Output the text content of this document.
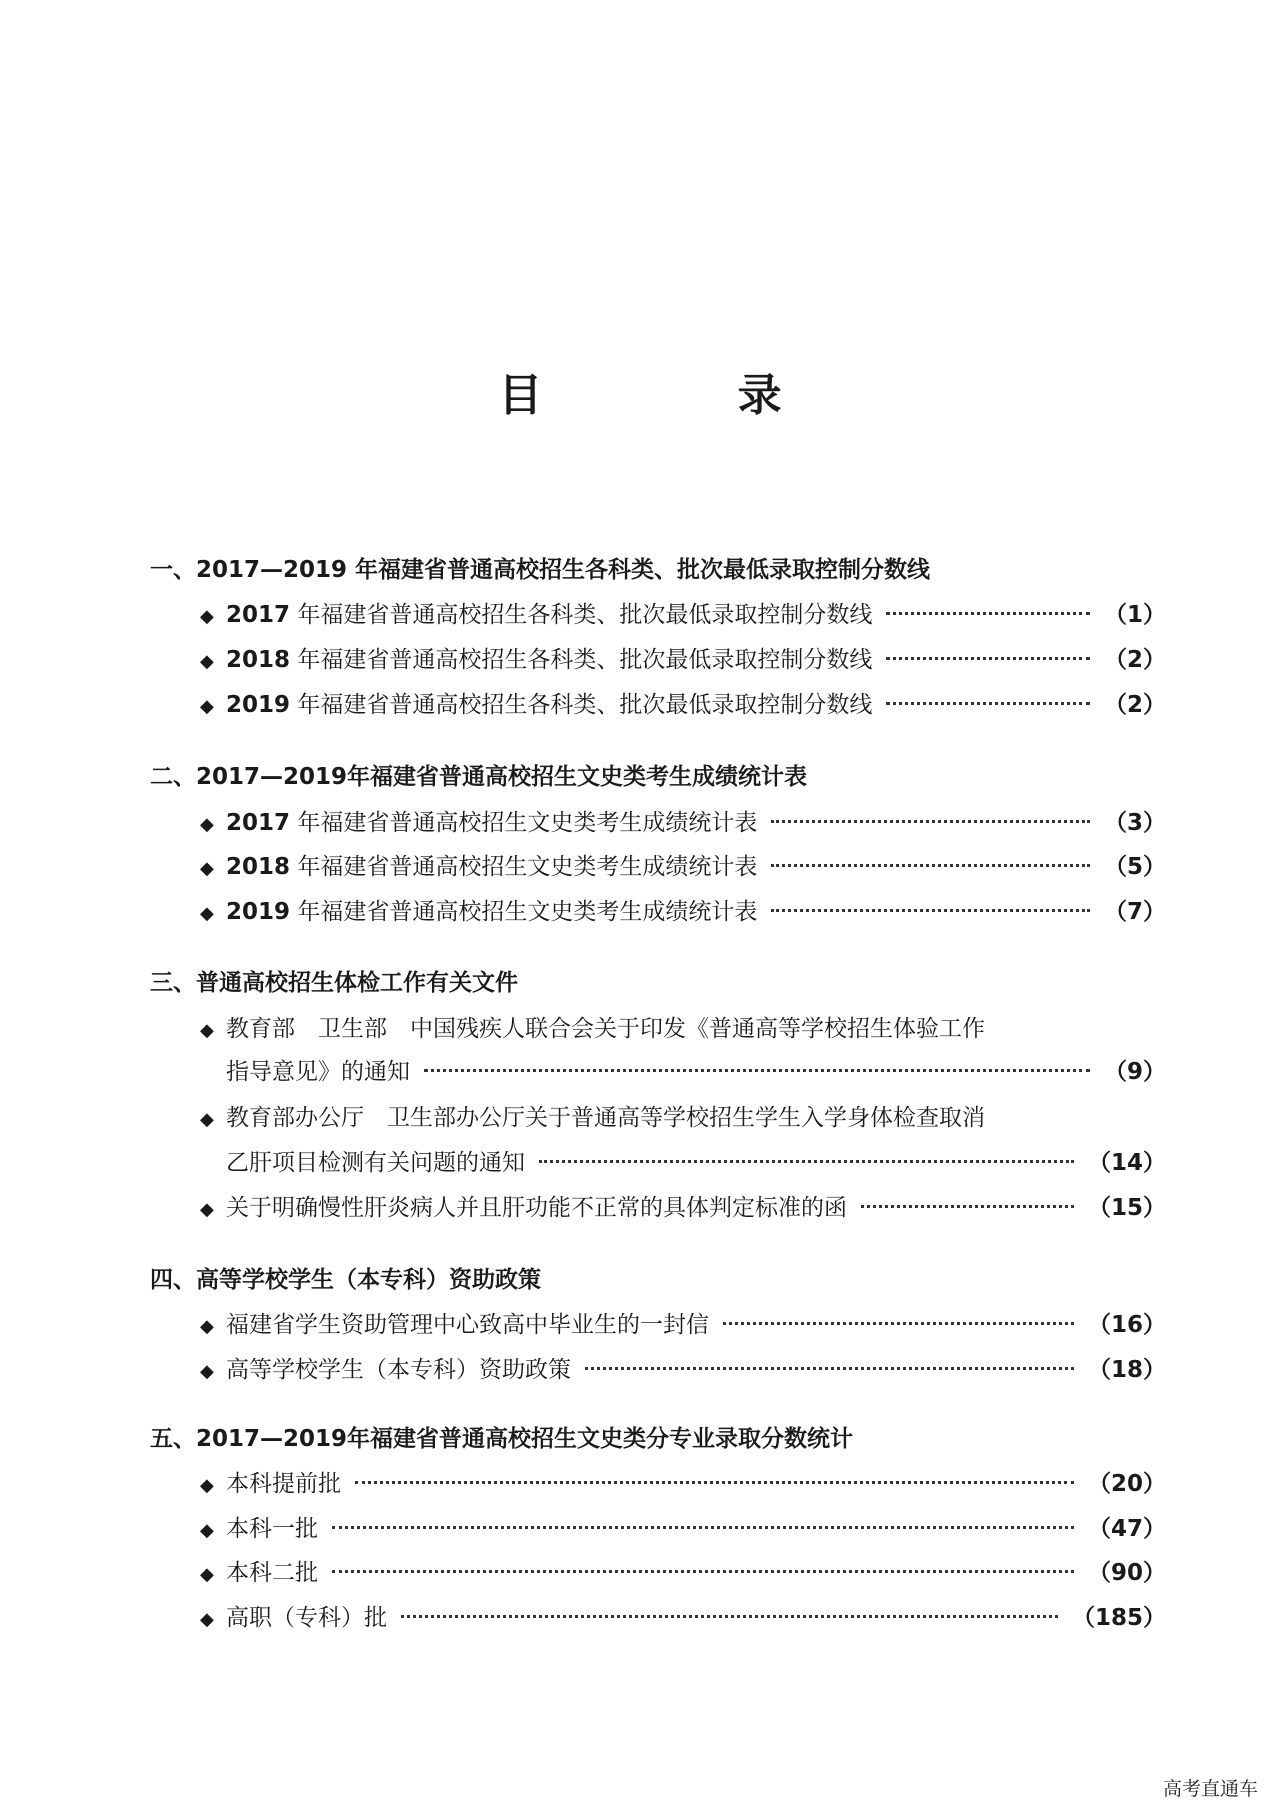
目 录
一、2017—2019 年福建省普通高校招生各科类、批次最低录取控制分数线
◆ 2017 年福建省普通高校招生各科类、批次最低录取控制分数线	（1）
◆ 2018 年福建省普通高校招生各科类、批次最低录取控制分数线	（2）
◆ 2019 年福建省普通高校招生各科类、批次最低录取控制分数线	（2）
二、2017—2019年福建省普通高校招生文史类考生成绩统计表
◆ 2017 年福建省普通高校招生文史类考生成绩统计表	（3）
◆ 2018 年福建省普通高校招生文史类考生成绩统计表	（5）
◆ 2019 年福建省普通高校招生文史类考生成绩统计表	（7）
三、普通高校招生体检工作有关文件
◆ 教育部　卫生部　中国残疾人联合会关于印发《普通高等学校招生体验工作
指导意见》的通知	（9）
◆ 教育部办公厅　卫生部办公厅关于普通高等学校招生学生入学身体检查取消
乙肝项目检测有关问题的通知	（14）
◆ 关于明确慢性肝炎病人并且肝功能不正常的具体判定标准的函	（15）
四、高等学校学生（本专科）资助政策
◆ 福建省学生资助管理中心致高中毕业生的一封信	（16）
◆ 高等学校学生（本专科）资助政策	（18）
五、2017—2019年福建省普通高校招生文史类分专业录取分数统计
◆ 本科提前批	（20）
◆ 本科一批	（47）
◆ 本科二批	（90）
◆ 高职（专科）批	（185）
高考直通车
